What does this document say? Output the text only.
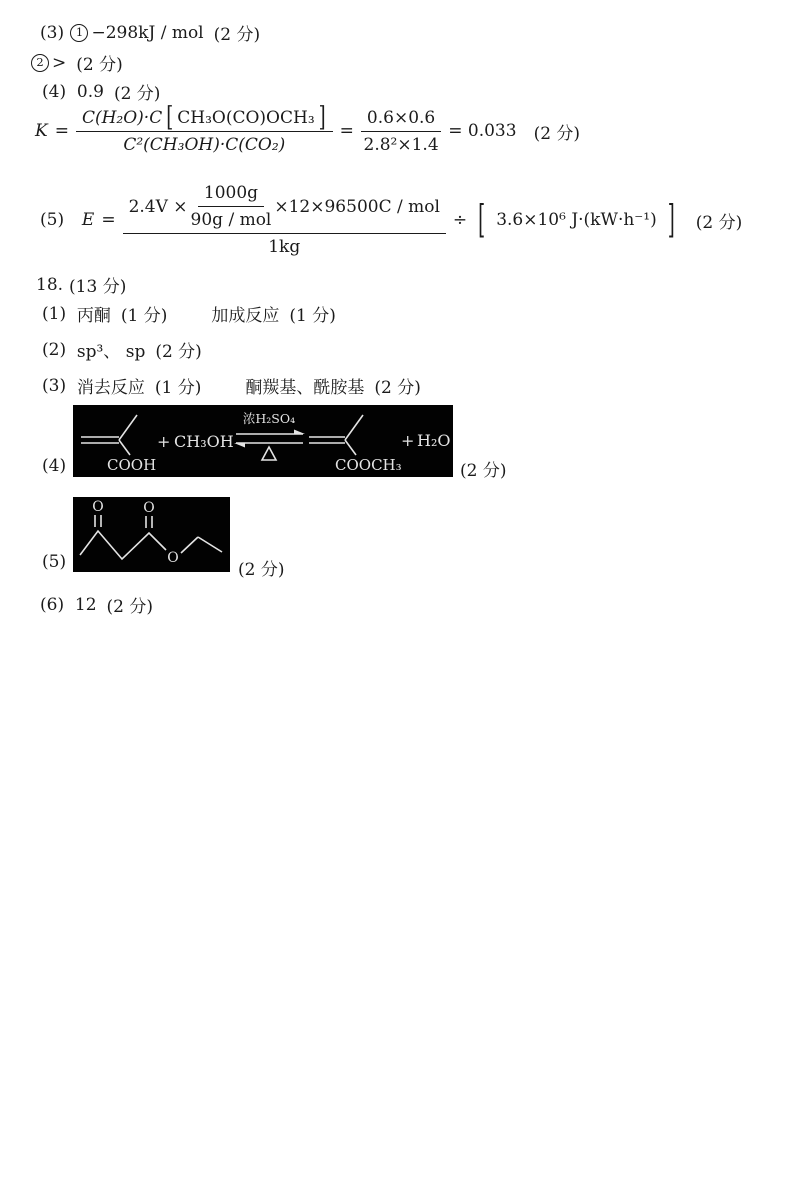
(3) 1 −298kJ / mol (2 分)
2 > (2 分)
(4) 0.9 (2 分)
$K = \frac{\text{C(H₂O)·C [ CH₃O(CO)OCH₃ ]}}{\text{C²(CH₃OH)·C(CO₂)}} = \frac{0.6\times 0.6}{\text{2.8²×1.4}} = 0.033$ (2 分)
(5) E =
$2.4V \times \frac{1000g}{\text{90g / mol}} \times 12\times 96500C$ / mol
1kg
÷ [ 3.6×10⁶ J·(kW·h⁻¹) ] (2 分)
18. (13 分)
(1) 丙酮 (1 分)	加成反应 (1 分)
(2) sp³、 sp (2 分)
(3) 消去反应 (1 分)	酮羰基、酰胺基 (2 分)
(4)	COOH
+ CH₃OH
浓H₂SO₄
COOCH₃
+ H₂O
(2 分)
(5)
O	O
O
(2 分)
(6) 12 (2 分)
